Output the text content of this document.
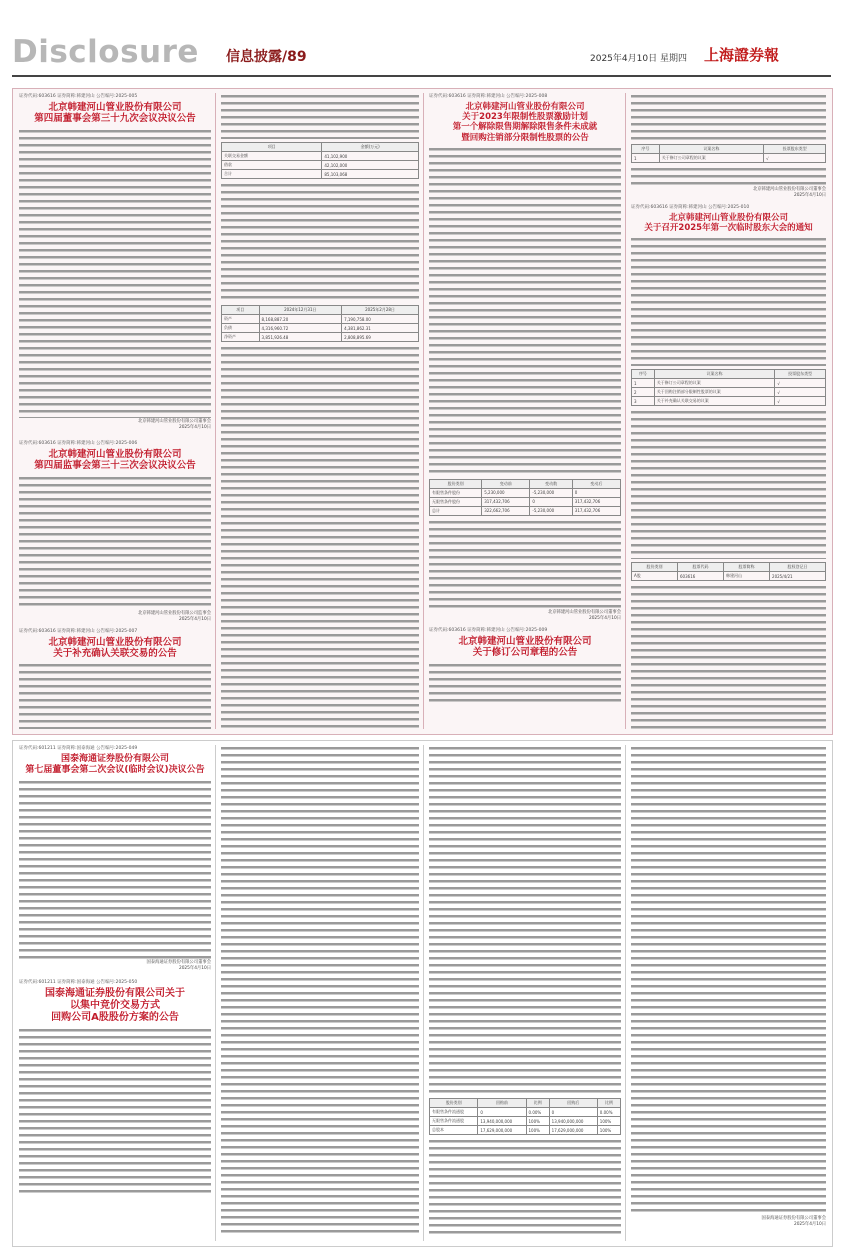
Disclosure 信息披露/89	2025年4月10日 星期四 上海證券報
证券代码:603616 证券简称:韩建河山 公告编号:2025-005
北京韩建河山管业股份有限公司
第四届董事会第三十九次会议决议公告

北京韩建河山管业股份有限公司董事会
2025年4月10日
证券代码:603616 证券简称:韩建河山 公告编号:2025-006
北京韩建河山管业股份有限公司
第四届监事会第三十三次会议决议公告

北京韩建河山管业股份有限公司监事会
2025年4月10日
证券代码:603616 证券简称:韩建河山 公告编号:2025-007
北京韩建河山管业股份有限公司
关于补充确认关联交易的公告

项目	金额(万元)
关联交易金额	41,102,900
借款	42,102,000
合计	85,103,068

项目	2024年12月31日	2025年2月28日
资产	8,168,887.20	7,190,758.00
负债	4,316,960.72	4,381,862.31
净资产	3,851,926.48	2,808,895.69

证券代码:603616 证券简称:韩建河山 公告编号:2025-008
北京韩建河山管业股份有限公司
关于2023年限制性股票激励计划
第一个解除限售期解除限售条件未成就
暨回购注销部分限制性股票的公告

股份类别	变动前	变动数	变动后
有限售条件股份	5,230,000	-5,230,000	0
无限售条件股份	317,432,706	0	317,432,706
总计	322,662,706	-5,230,000	317,432,706

北京韩建河山管业股份有限公司董事会
2025年4月10日
证券代码:603616 证券简称:韩建河山 公告编号:2025-009
北京韩建河山管业股份有限公司
关于修订公司章程的公告

序号	议案名称	投票股东类型
1	关于修订公司章程的议案	√

北京韩建河山管业股份有限公司董事会
2025年4月10日
证券代码:603616 证券简称:韩建河山 公告编号:2025-010
北京韩建河山管业股份有限公司
关于召开2025年第一次临时股东大会的通知

序号	议案名称	投票股东类型
1	关于修订公司章程的议案	√
2	关于回购注销部分限制性股票的议案	√
3	关于补充确认关联交易的议案	√

股份类别	股票代码	股票简称	股权登记日
A股	603616	韩建河山	2025/4/21

证券代码:601211 证券简称:国泰海通 公告编号:2025-049
国泰海通证券股份有限公司
第七届董事会第二次会议(临时会议)决议公告

国泰海通证券股份有限公司董事会
2025年4月10日
证券代码:601211 证券简称:国泰海通 公告编号:2025-050
国泰海通证券股份有限公司关于
以集中竞价交易方式
回购公司A股股份方案的公告

股份类别	回购前	比例	回购后	比例
有限售条件流通股	0	0.00%	0	0.00%
无限售条件流通股	13,940,000,000	100%	13,940,000,000	100%
总股本	17,629,000,000	100%	17,629,000,000	100%

国泰海通证券股份有限公司董事会
2025年4月10日
